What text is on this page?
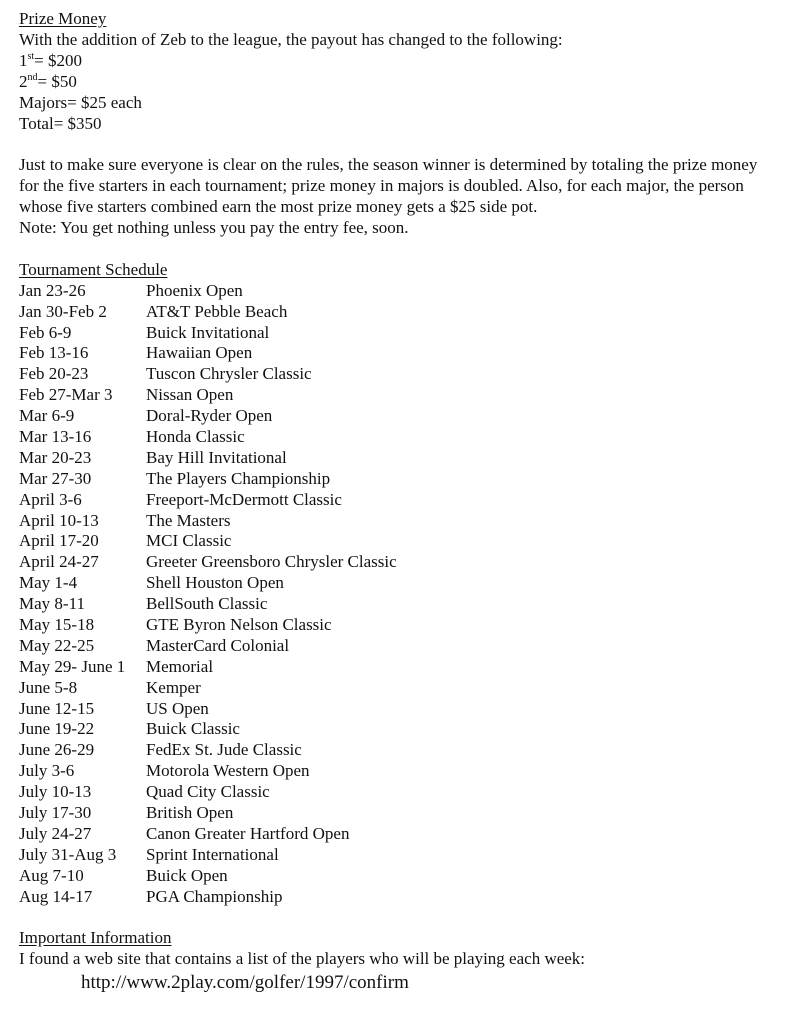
Prize Money
With the addition of Zeb to the league, the payout has changed to the following:
1st= $200
2nd= $50
Majors= $25 each
Total= $350
Just to make sure everyone is clear on the rules, the season winner is determined by totaling the prize money
for the five starters in each tournament; prize money in majors is doubled. Also, for each major, the person
whose five starters combined earn the most prize money gets a $25 side pot.
Note: You get nothing unless you pay the entry fee, soon.
Tournament Schedule
Jan 23-26	Phoenix Open
Jan 30-Feb 2	AT&T Pebble Beach
Feb 6-9	Buick Invitational
Feb 13-16	Hawaiian Open
Feb 20-23	Tuscon Chrysler Classic
Feb 27-Mar 3	Nissan Open
Mar 6-9	Doral-Ryder Open
Mar 13-16	Honda Classic
Mar 20-23	Bay Hill Invitational
Mar 27-30	The Players Championship
April 3-6	Freeport-McDermott Classic
April 10-13	The Masters
April 17-20	MCI Classic
April 24-27	Greeter Greensboro Chrysler Classic
May 1-4	Shell Houston Open
May 8-11	BellSouth Classic
May 15-18	GTE Byron Nelson Classic
May 22-25	MasterCard Colonial
May 29- June 1	Memorial
June 5-8	Kemper
June 12-15	US Open
June 19-22	Buick Classic
June 26-29	FedEx St. Jude Classic
July 3-6	Motorola Western Open
July 10-13	Quad City Classic
July 17-30	British Open
July 24-27	Canon Greater Hartford Open
July 31-Aug 3	Sprint International
Aug 7-10	Buick Open
Aug 14-17	PGA Championship
Important Information
I found a web site that contains a list of the players who will be playing each week:
http://www.2play.com/golfer/1997/confirm
